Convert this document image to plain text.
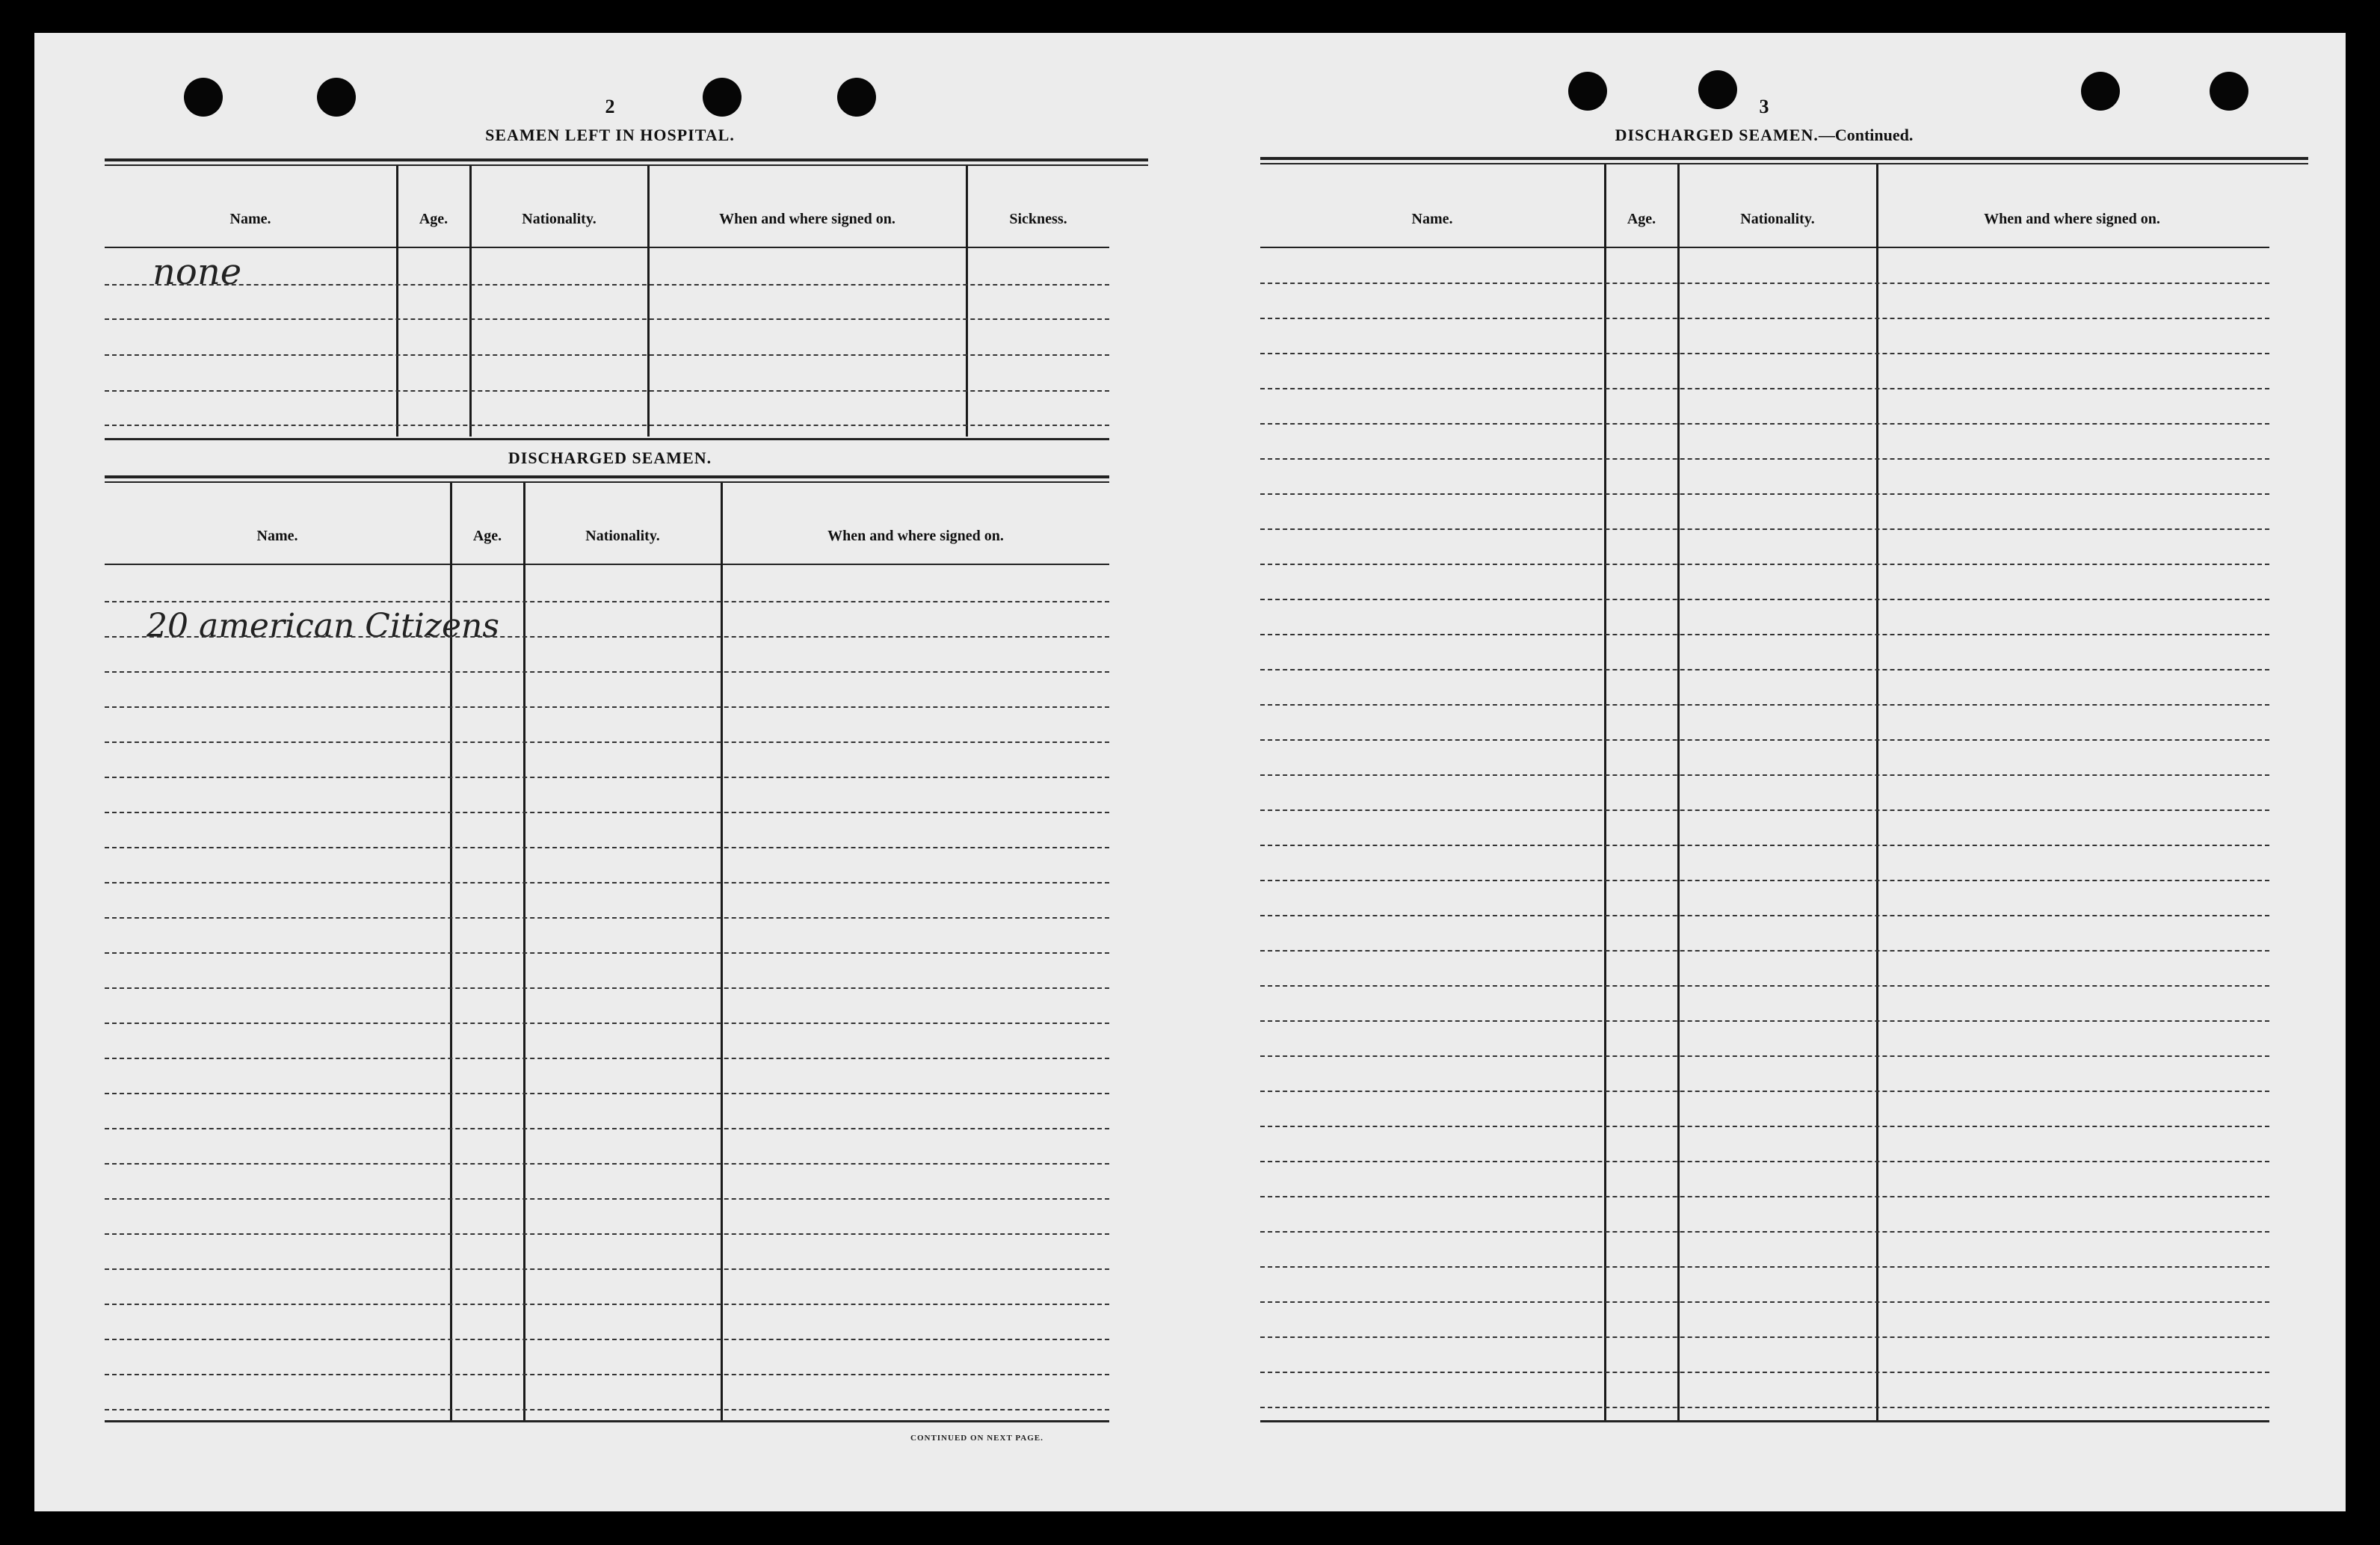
2
SEAMEN LEFT IN HOSPITAL.
Name.	Age.	Nationality.	When and where signed on.	Sickness.
none
DISCHARGED SEAMEN.
Name.	Age.	Nationality.	When and where signed on.
20 american Citizens
CONTINUED ON NEXT PAGE.
3
DISCHARGED SEAMEN.—Continued.
Name.	Age.	Nationality.	When and where signed on.
